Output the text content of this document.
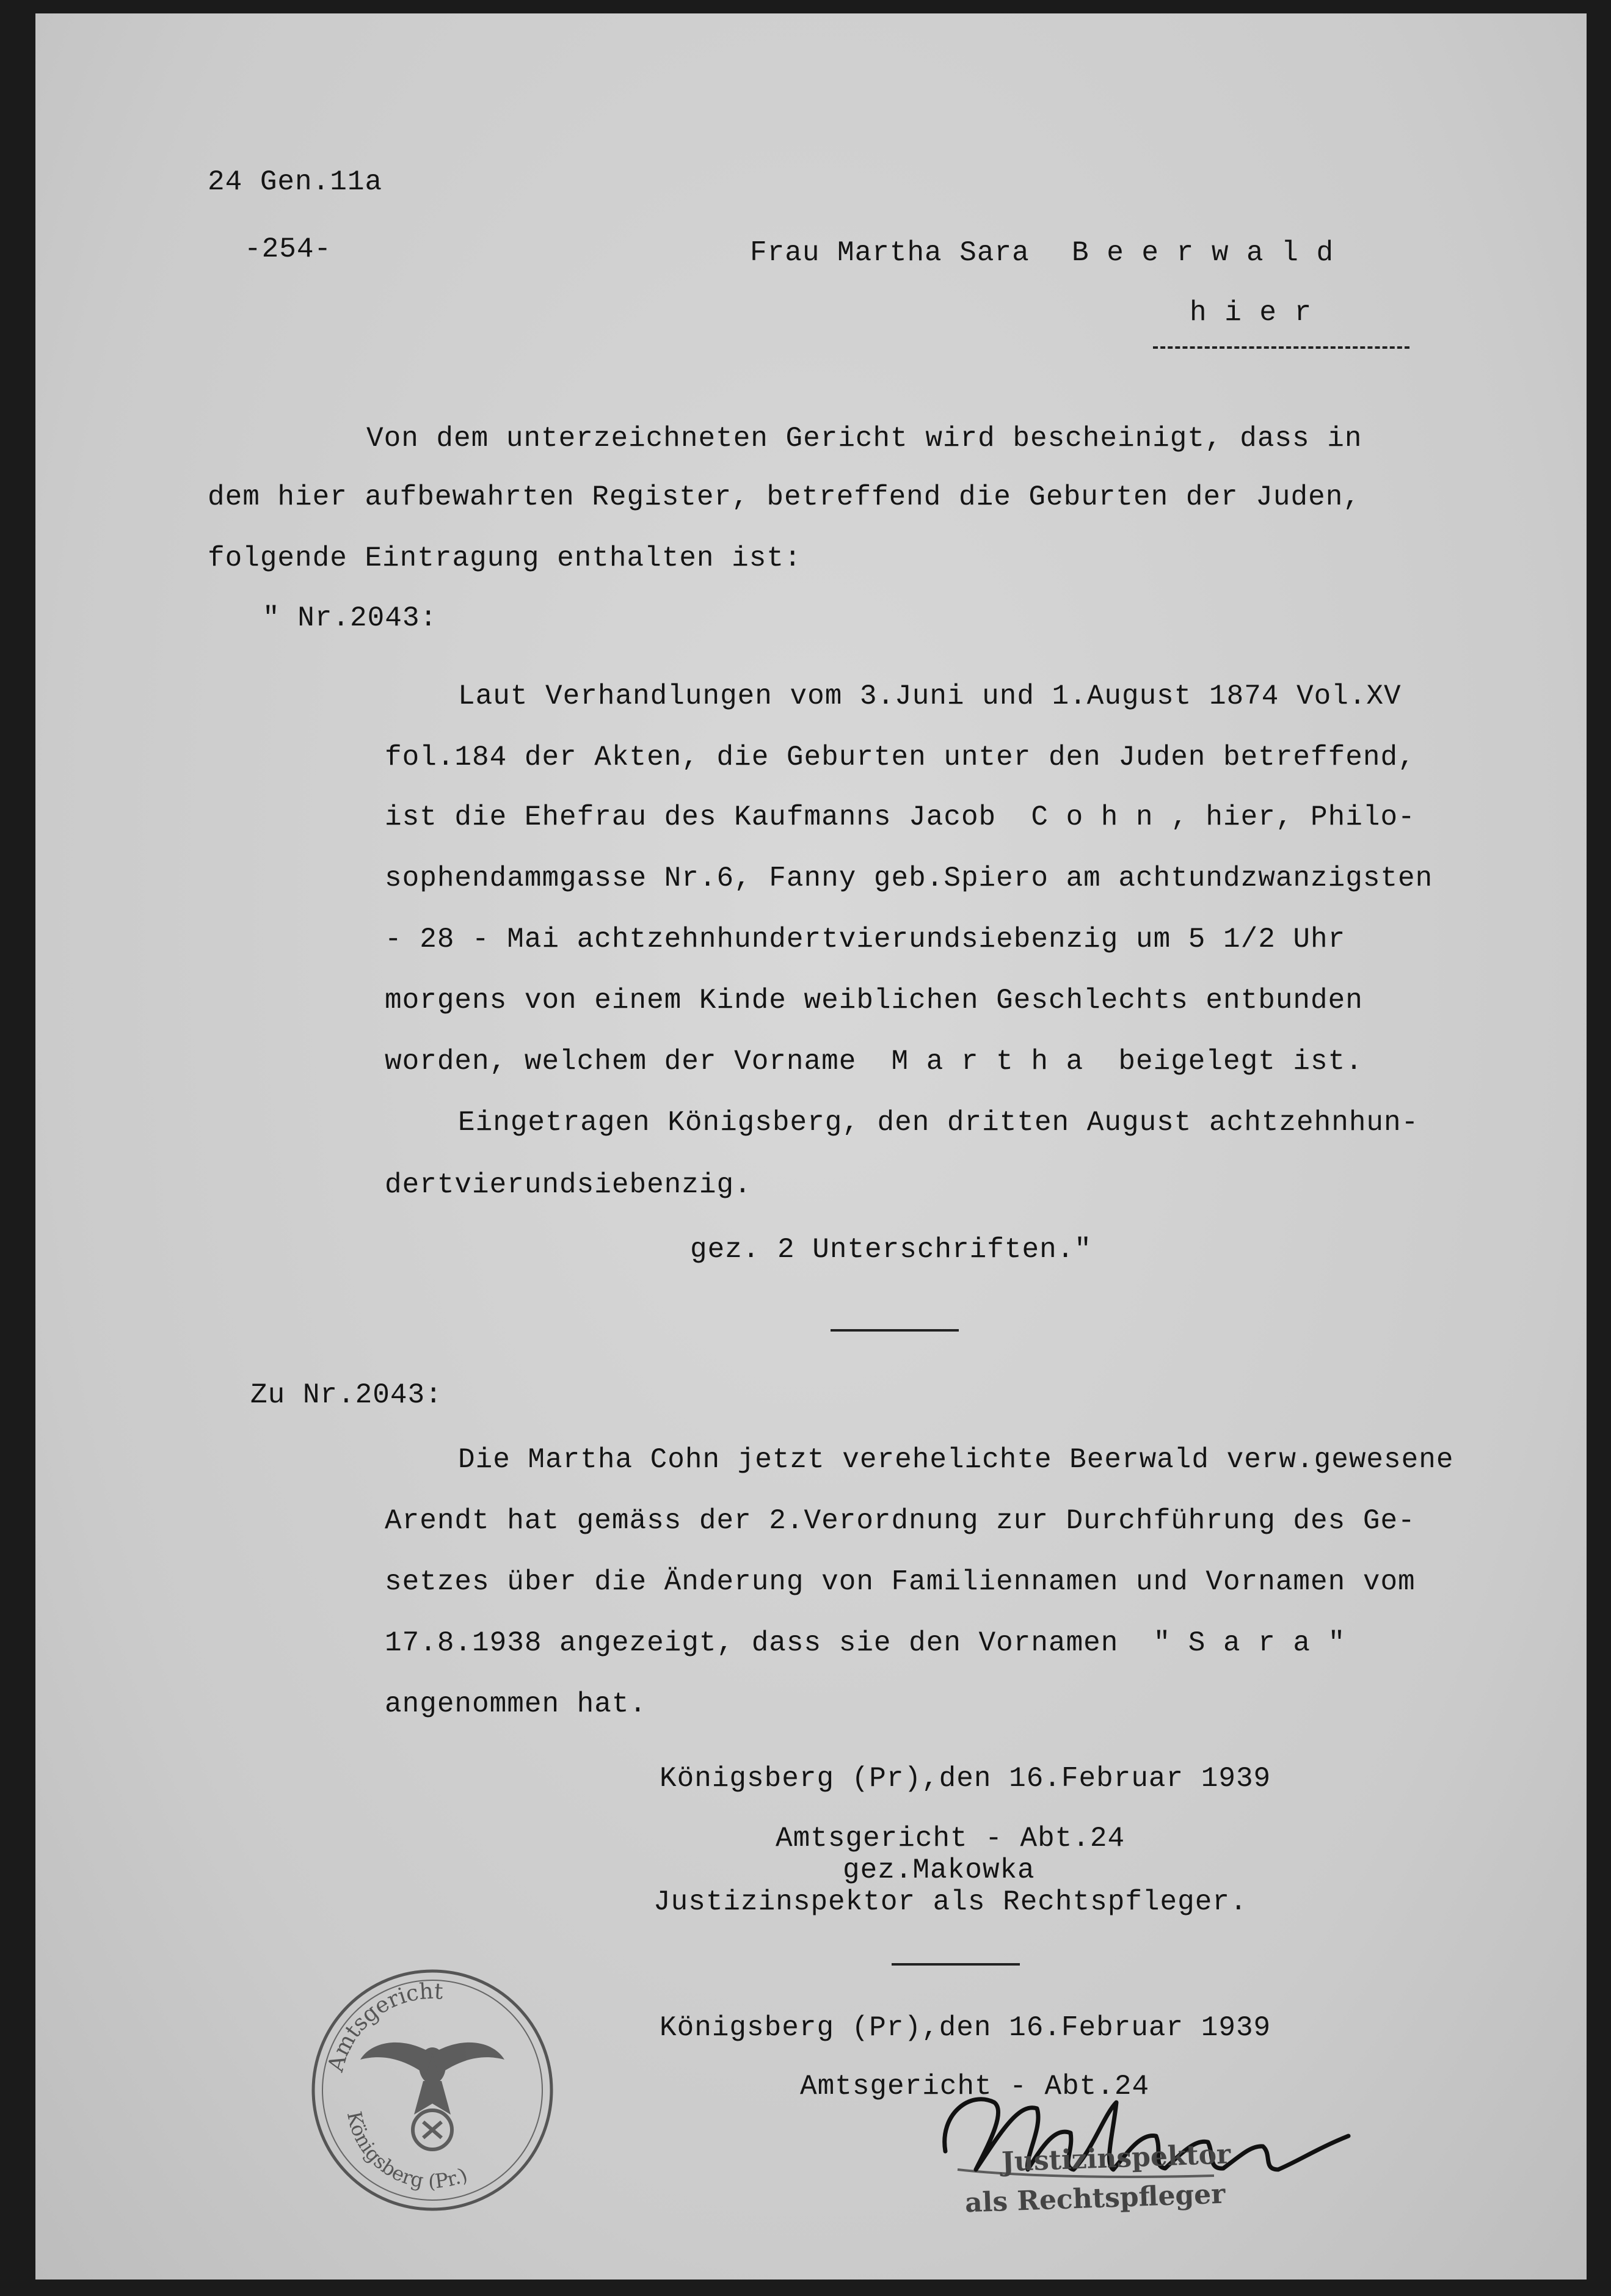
24 Gen.11a
-254-	Frau Martha Sara B e e r w a l d
h i e r
Von dem unterzeichneten Gericht wird bescheinigt, dass in
dem hier aufbewahrten Register, betreffend die Geburten der Juden,
folgende Eintragung enthalten ist:
" Nr.2043:
Laut Verhandlungen vom 3.Juni und 1.August 1874 Vol.XV
fol.184 der Akten, die Geburten unter den Juden betreffend,
ist die Ehefrau des Kaufmanns Jacob  C o h n , hier, Philo-
sophendammgasse Nr.6, Fanny geb.Spiero am achtundzwanzigsten
- 28 - Mai achtzehnhundertvierundsiebenzig um 5 1/2 Uhr
morgens von einem Kinde weiblichen Geschlechts entbunden
worden, welchem der Vorname  M a r t h a  beigelegt ist.
Eingetragen Königsberg, den dritten August achtzehnhun-
dertvierundsiebenzig.
gez. 2 Unterschriften."
Zu Nr.2043:
Die Martha Cohn jetzt verehelichte Beerwald verw.gewesene
Arendt hat gemäss der 2.Verordnung zur Durchführung des Ge-
setzes über die Änderung von Familiennamen und Vornamen vom
17.8.1938 angezeigt, dass sie den Vornamen  " S a r a "
angenommen hat.
Königsberg (Pr),den 16.Februar 1939
Amtsgericht - Abt.24
gez.Makowka
Justizinspektor als Rechtspfleger.
Königsberg (Pr),den 16.Februar 1939
Amtsgericht - Abt.24
Amtsgericht
Königsberg (Pr.)	Justizinspektor
als Rechtspfleger
